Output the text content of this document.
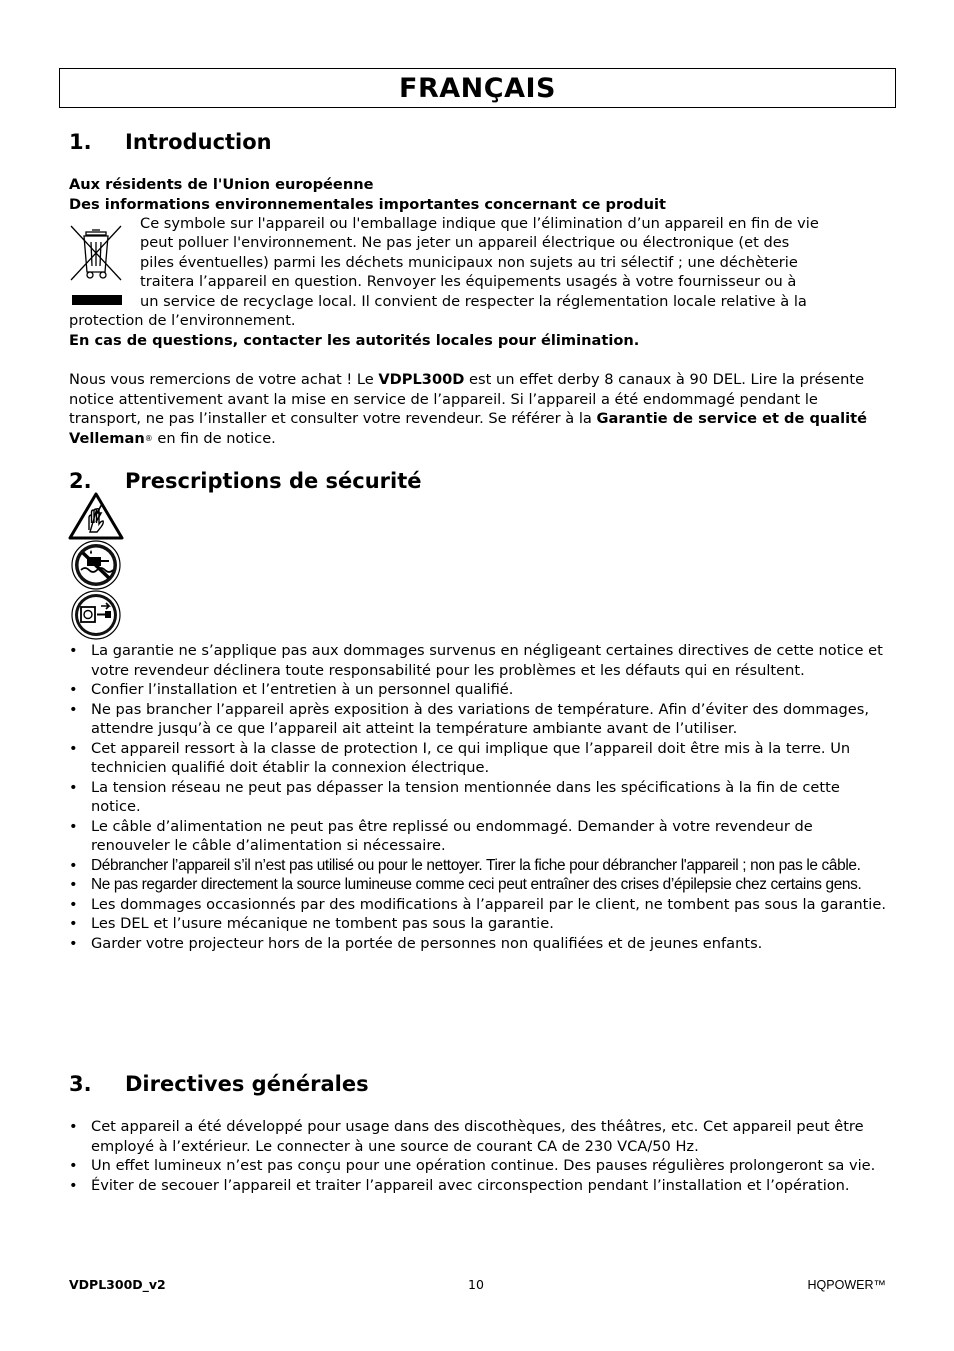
FRANÇAIS
1. Introduction
Aux résidents de l'Union européenne
Des informations environnementales importantes concernant ce produit
Ce symbole sur l'appareil ou l'emballage indique que l’élimination d’un appareil en fin de vie
peut polluer l'environnement. Ne pas jeter un appareil électrique ou électronique (et des
piles éventuelles) parmi les déchets municipaux non sujets au tri sélectif ; une déchèterie
traitera l’appareil en question. Renvoyer les équipements usagés à votre fournisseur ou à
un service de recyclage local. Il convient de respecter la réglementation locale relative à la
protection de l’environnement.
En cas de questions, contacter les autorités locales pour élimination.
Nous vous remercions de votre achat ! Le VDPL300D est un effet derby 8 canaux à 90 DEL. Lire la présente notice attentivement avant la mise en service de l’appareil. Si l’appareil a été endommagé pendant le transport, ne pas l’installer et consulter votre revendeur. Se référer à la Garantie de service et de qualité Velleman® en fin de notice.
2. Prescriptions de sécurité
• La garantie ne s’applique pas aux dommages survenus en négligeant certaines directives de cette notice et votre revendeur déclinera toute responsabilité pour les problèmes et les défauts qui en résultent.
• Confier l’installation et l’entretien à un personnel qualifié.
• Ne pas brancher l’appareil après exposition à des variations de température. Afin d’éviter des dommages, attendre jusqu’à ce que l’appareil ait atteint la température ambiante avant de l’utiliser.
• Cet appareil ressort à la classe de protection I, ce qui implique que l’appareil doit être mis à la terre. Un technicien qualifié doit établir la connexion électrique.
• La tension réseau ne peut pas dépasser la tension mentionnée dans les spécifications à la fin de cette notice.
• Le câble d’alimentation ne peut pas être replissé ou endommagé. Demander à votre revendeur de renouveler le câble d’alimentation si nécessaire.
• Débrancher l’appareil s’il n’est pas utilisé ou pour le nettoyer. Tirer la fiche pour débrancher l'appareil ; non pas le câble.
• Ne pas regarder directement la source lumineuse comme ceci peut entraîner des crises d’épilepsie chez certains gens.
• Les dommages occasionnés par des modifications à l’appareil par le client, ne tombent pas sous la garantie.
• Les DEL et l’usure mécanique ne tombent pas sous la garantie.
• Garder votre projecteur hors de la portée de personnes non qualifiées et de jeunes enfants.
3. Directives générales
• Cet appareil a été développé pour usage dans des discothèques, des théâtres, etc. Cet appareil peut être employé à l’extérieur. Le connecter à une source de courant CA de 230 VCA/50 Hz.
• Un effet lumineux n’est pas conçu pour une opération continue. Des pauses régulières prolongeront sa vie.
• Éviter de secouer l’appareil et traiter l’appareil avec circonspection pendant l’installation et l’opération.
VDPL300D_v2	10	HQPOWER™
